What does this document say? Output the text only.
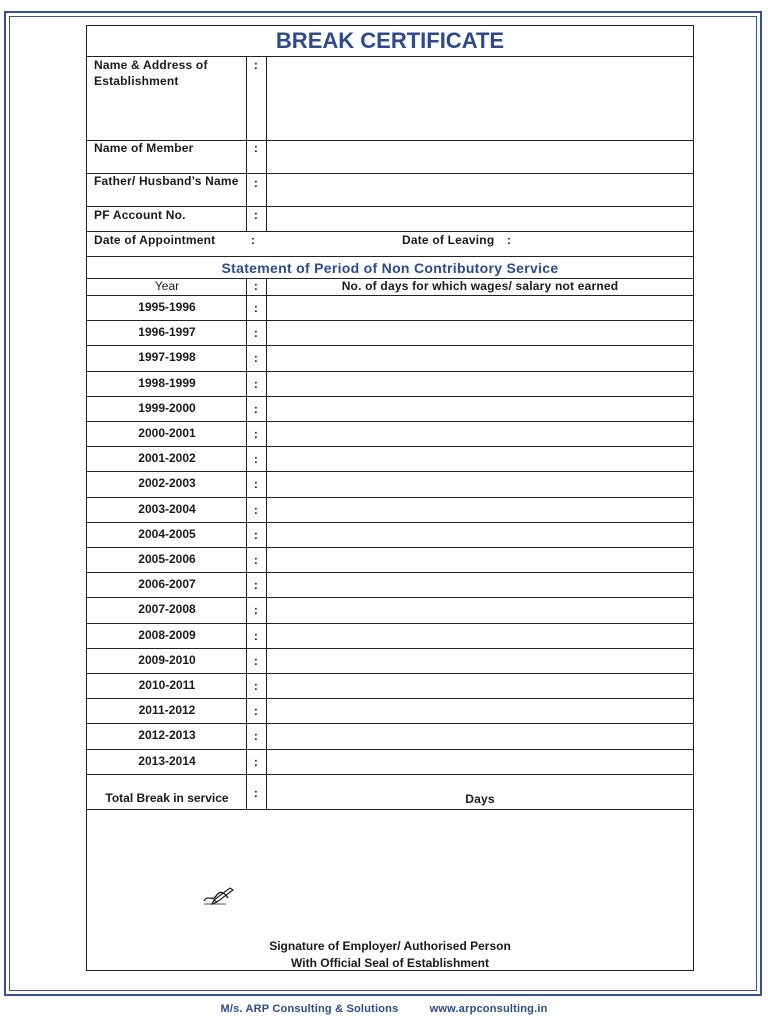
BREAK CERTIFICATE
Name & Address of
Establishment
:
Name of Member	:
Father/ Husband’s Name	:
PF Account No.	:
Date of Appointment	:	Date of Leaving :
Statement of Period of Non Contributory Service
Year	:	No. of days for which wages/ salary not earned
1995-1996	:
1996-1997	:
1997-1998	:
1998-1999	:
1999-2000	:
2000-2001	:
2001-2002	:
2002-2003	:
2003-2004	:
2004-2005	:
2005-2006	:
2006-2007	:
2007-2008	:
2008-2009	:
2009-2010	:
2010-2011	:
2011-2012	:
2012-2013	:
2013-2014	:
Total Break in service	:	Days
Signature of Employer/ Authorised Person
With Official Seal of Establishment
M/s. ARP Consulting & Solutions	www.arpconsulting.in
